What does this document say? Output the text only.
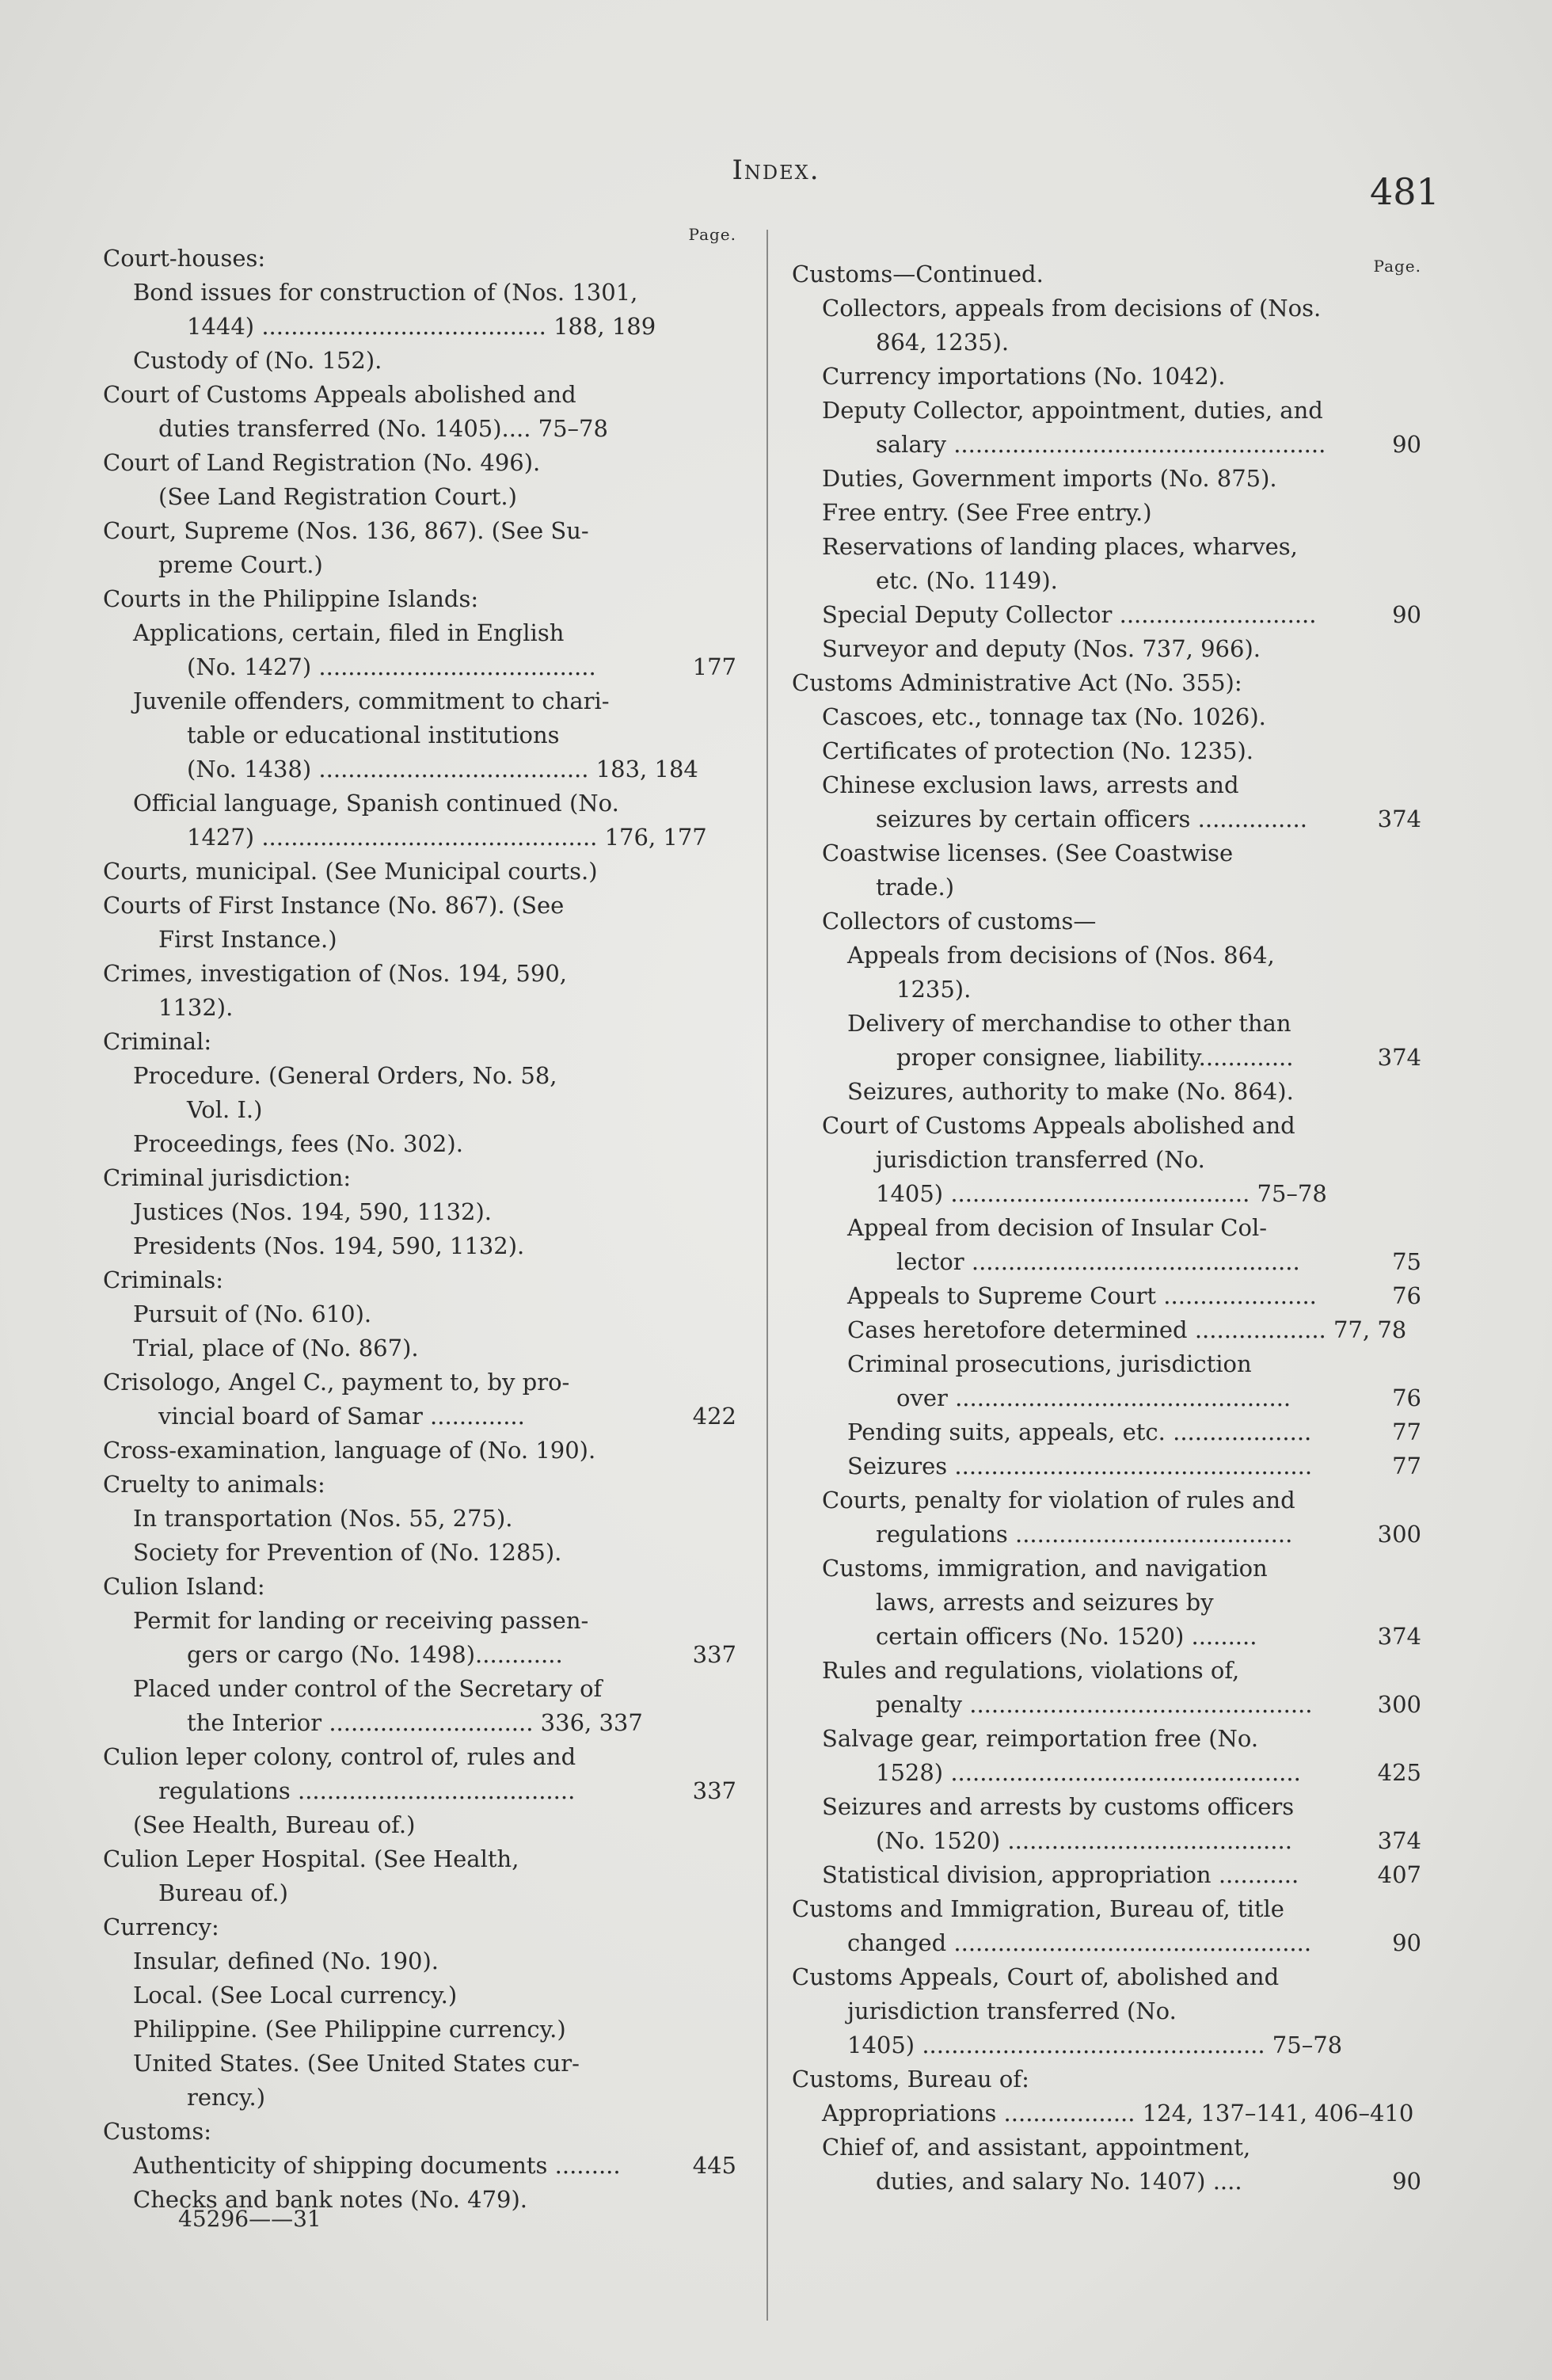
Index.	481
Page.
Court-houses:
Bond issues for construction of (Nos. 1301,
1444) ....................................... 188, 189
Custody of (No. 152).
Court of Customs Appeals abolished and
duties transferred (No. 1405).... 75–78
Court of Land Registration (No. 496).
(See Land Registration Court.)
Court, Supreme (Nos. 136, 867). (See Su-
preme Court.)
Courts in the Philippine Islands:
Applications, certain, filed in English
177
(No. 1427) ......................................
Juvenile offenders, commitment to chari-
table or educational institutions
(No. 1438) ..................................... 183, 184
Official language, Spanish continued (No.
1427) .............................................. 176, 177
Courts, municipal. (See Municipal courts.)
Courts of First Instance (No. 867). (See
First Instance.)
Crimes, investigation of (Nos. 194, 590,
1132).
Criminal:
Procedure. (General Orders, No. 58,
Vol. I.)
Proceedings, fees (No. 302).
Criminal jurisdiction:
Justices (Nos. 194, 590, 1132).
Presidents (Nos. 194, 590, 1132).
Criminals:
Pursuit of (No. 610).
Trial, place of (No. 867).
Crisologo, Angel C., payment to, by pro-
422
vincial board of Samar .............
Cross-examination, language of (No. 190).
Cruelty to animals:
In transportation (Nos. 55, 275).
Society for Prevention of (No. 1285).
Culion Island:
Permit for landing or receiving passen-
337
gers or cargo (No. 1498)............
Placed under control of the Secretary of
the Interior ............................ 336, 337
Culion leper colony, control of, rules and
337
regulations ......................................
(See Health, Bureau of.)
Culion Leper Hospital. (See Health,
Bureau of.)
Currency:
Insular, defined (No. 190).
Local. (See Local currency.)
Philippine. (See Philippine currency.)
United States. (See United States cur-
rency.)
Customs:
445
Authenticity of shipping documents .........
Checks and bank notes (No. 479).
Page.
Customs—Continued.
Collectors, appeals from decisions of (Nos.
864, 1235).
Currency importations (No. 1042).
Deputy Collector, appointment, duties, and
90
salary ...................................................
Duties, Government imports (No. 875).
Free entry. (See Free entry.)
Reservations of landing places, wharves,
etc. (No. 1149).
90
Special Deputy Collector ...........................
Surveyor and deputy (Nos. 737, 966).
Customs Administrative Act (No. 355):
Cascoes, etc., tonnage tax (No. 1026).
Certificates of protection (No. 1235).
Chinese exclusion laws, arrests and
374
seizures by certain officers ...............
Coastwise licenses. (See Coastwise
trade.)
Collectors of customs—
Appeals from decisions of (Nos. 864,
1235).
Delivery of merchandise to other than
374
proper consignee, liability.............
Seizures, authority to make (No. 864).
Court of Customs Appeals abolished and
jurisdiction transferred (No.
1405) ......................................... 75–78
Appeal from decision of Insular Col-
75
lector .............................................
76
Appeals to Supreme Court .....................
Cases heretofore determined .................. 77, 78
Criminal prosecutions, jurisdiction
76
over ..............................................
77
Pending suits, appeals, etc. ...................
77
Seizures .................................................
Courts, penalty for violation of rules and
300
regulations ......................................
Customs, immigration, and navigation
laws, arrests and seizures by
374
certain officers (No. 1520) .........
Rules and regulations, violations of,
300
penalty ...............................................
Salvage gear, reimportation free (No.
425
1528) ................................................
Seizures and arrests by customs officers
374
(No. 1520) .......................................
407
Statistical division, appropriation ...........
Customs and Immigration, Bureau of, title
90
changed .................................................
Customs Appeals, Court of, abolished and
jurisdiction transferred (No.
1405) ............................................... 75–78
Customs, Bureau of:
Appropriations .................. 124, 137–141, 406–410
Chief of, and assistant, appointment,
90
duties, and salary No. 1407) ....
45296——31
